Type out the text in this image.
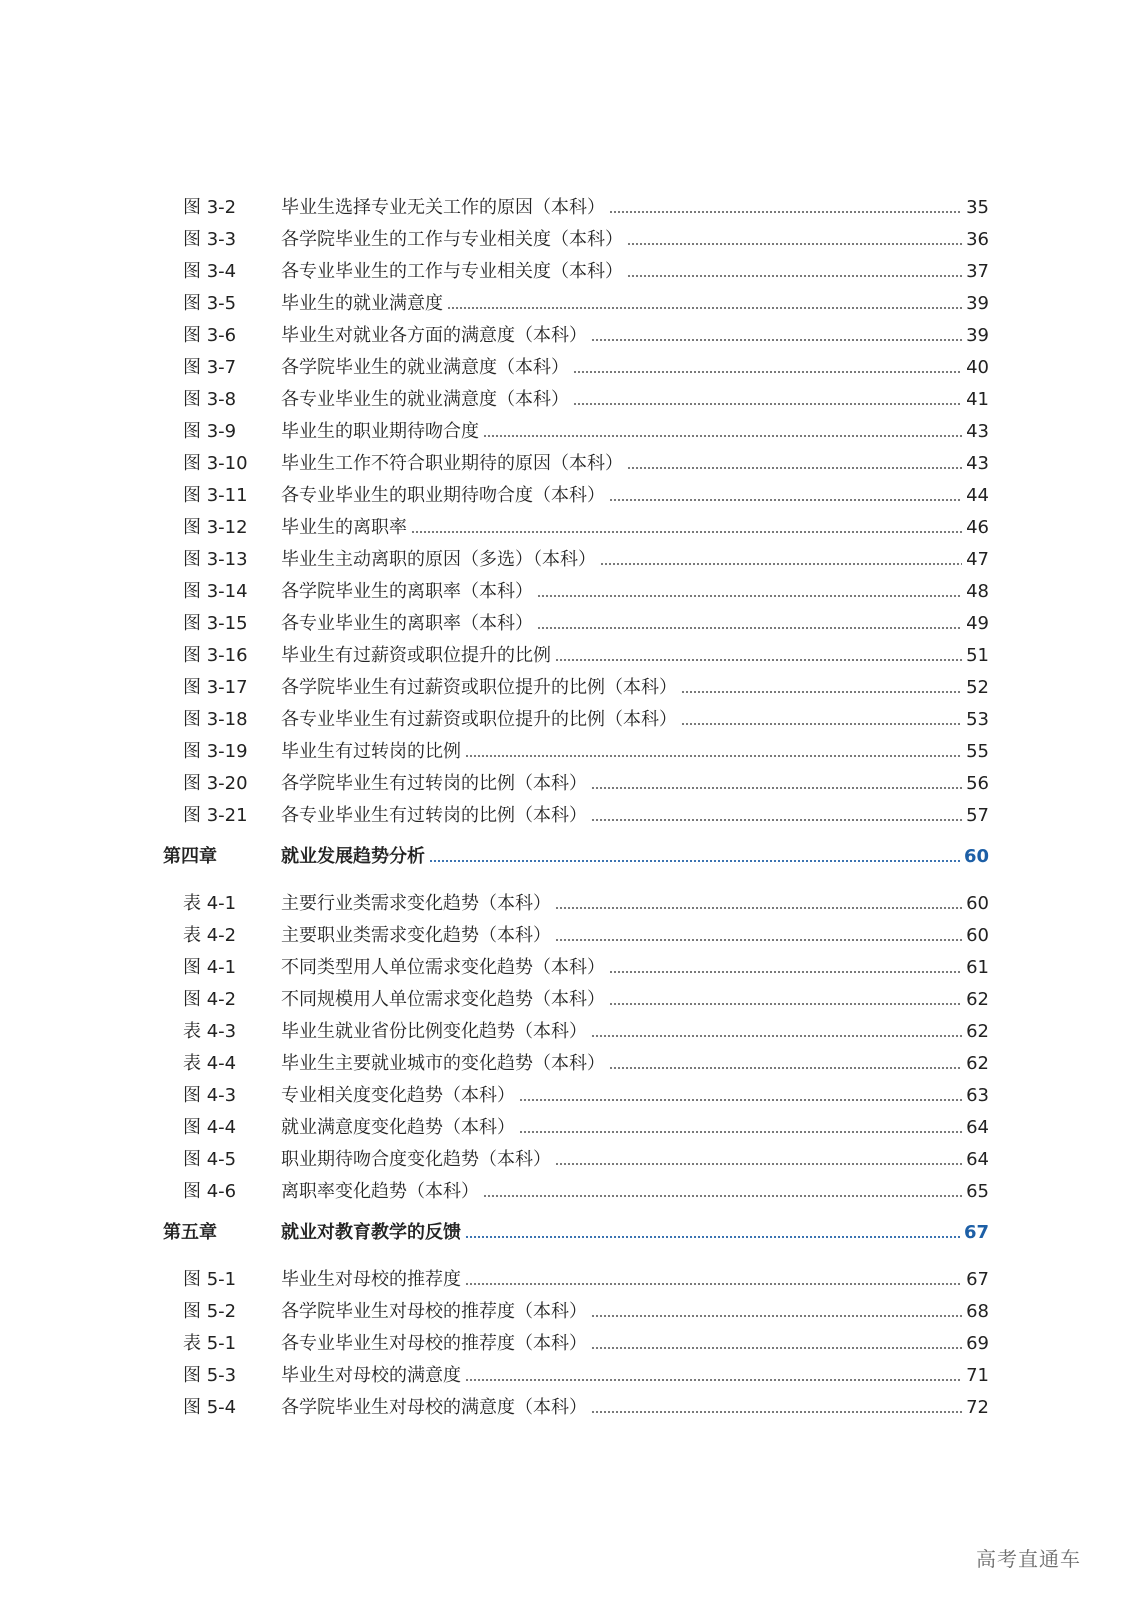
图 3-2	毕业生选择专业无关工作的原因（本科）	35
图 3-3	各学院毕业生的工作与专业相关度（本科）	36
图 3-4	各专业毕业生的工作与专业相关度（本科）	37
图 3-5	毕业生的就业满意度	39
图 3-6	毕业生对就业各方面的满意度（本科）	39
图 3-7	各学院毕业生的就业满意度（本科）	40
图 3-8	各专业毕业生的就业满意度（本科）	41
图 3-9	毕业生的职业期待吻合度	43
图 3-10	毕业生工作不符合职业期待的原因（本科）	43
图 3-11	各专业毕业生的职业期待吻合度（本科）	44
图 3-12	毕业生的离职率	46
图 3-13	毕业生主动离职的原因（多选）（本科）	47
图 3-14	各学院毕业生的离职率（本科）	48
图 3-15	各专业毕业生的离职率（本科）	49
图 3-16	毕业生有过薪资或职位提升的比例	51
图 3-17	各学院毕业生有过薪资或职位提升的比例（本科）	52
图 3-18	各专业毕业生有过薪资或职位提升的比例（本科）	53
图 3-19	毕业生有过转岗的比例	55
图 3-20	各学院毕业生有过转岗的比例（本科）	56
图 3-21	各专业毕业生有过转岗的比例（本科）	57
第四章	就业发展趋势分析	60
表 4-1	主要行业类需求变化趋势（本科）	60
表 4-2	主要职业类需求变化趋势（本科）	60
图 4-1	不同类型用人单位需求变化趋势（本科）	61
图 4-2	不同规模用人单位需求变化趋势（本科）	62
表 4-3	毕业生就业省份比例变化趋势（本科）	62
表 4-4	毕业生主要就业城市的变化趋势（本科）	62
图 4-3	专业相关度变化趋势（本科）	63
图 4-4	就业满意度变化趋势（本科）	64
图 4-5	职业期待吻合度变化趋势（本科）	64
图 4-6	离职率变化趋势（本科）	65
第五章	就业对教育教学的反馈	67
图 5-1	毕业生对母校的推荐度	67
图 5-2	各学院毕业生对母校的推荐度（本科）	68
表 5-1	各专业毕业生对母校的推荐度（本科）	69
图 5-3	毕业生对母校的满意度	71
图 5-4	各学院毕业生对母校的满意度（本科）	72
高考直通车
